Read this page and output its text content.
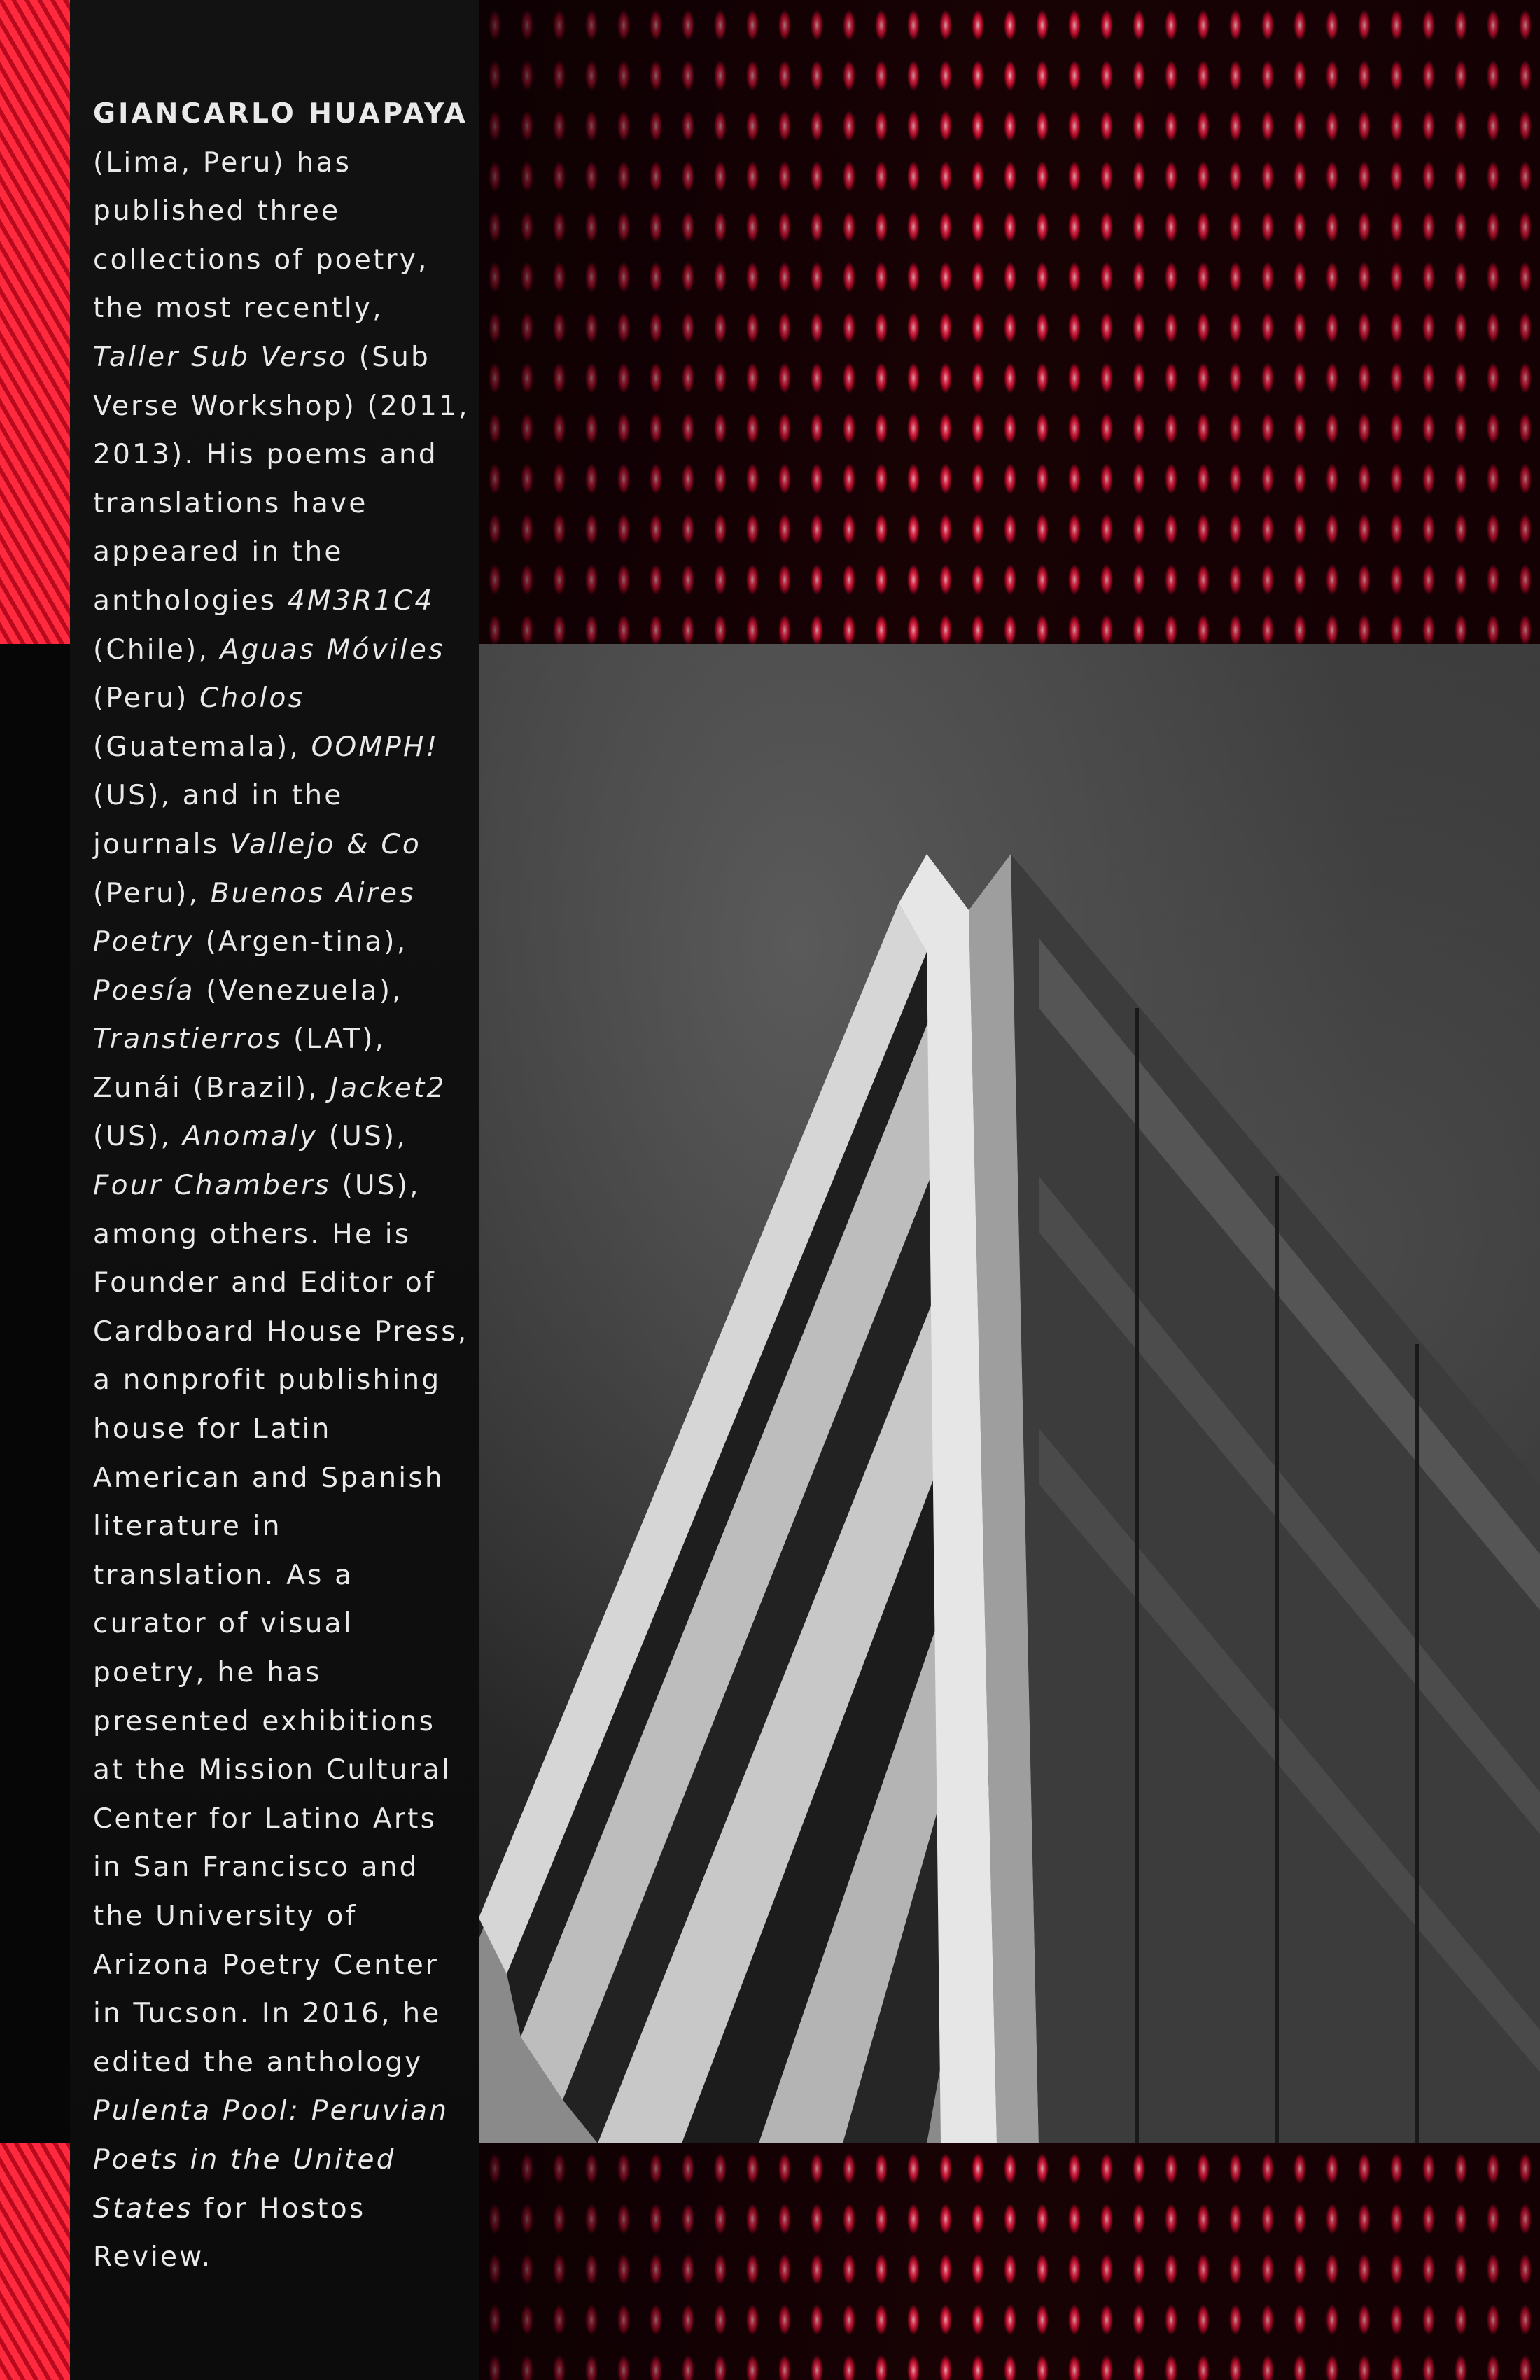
GIANCARLO HUAPAYA (Lima, Peru) has published three collections of poetry, the most recently, Taller Sub Verso (Sub Verse Workshop) (2011, 2013). His poems and translations have appeared in the anthologies 4M3R1C4 (Chile), Aguas Móviles (Peru) Cholos (Guatemala), OOMPH! (US), and in the journals Vallejo & Co (Peru), Buenos Aires Poetry (Argen-tina), Poesía (Venezuela), Transtierros (LAT), Zunái (Brazil), Jacket2 (US), Anomaly (US), Four Chambers (US), among others. He is Founder and Editor of Cardboard House Press, a nonprofit publishing house for Latin American and Spanish literature in translation. As a curator of visual poetry, he has presented exhibitions at the Mission Cultural Center for Latino Arts in San Francisco and the University of Arizona Poetry Center in Tucson. In 2016, he edited the anthology Pulenta Pool: Peruvian Poets in the United States for Hostos Review.
